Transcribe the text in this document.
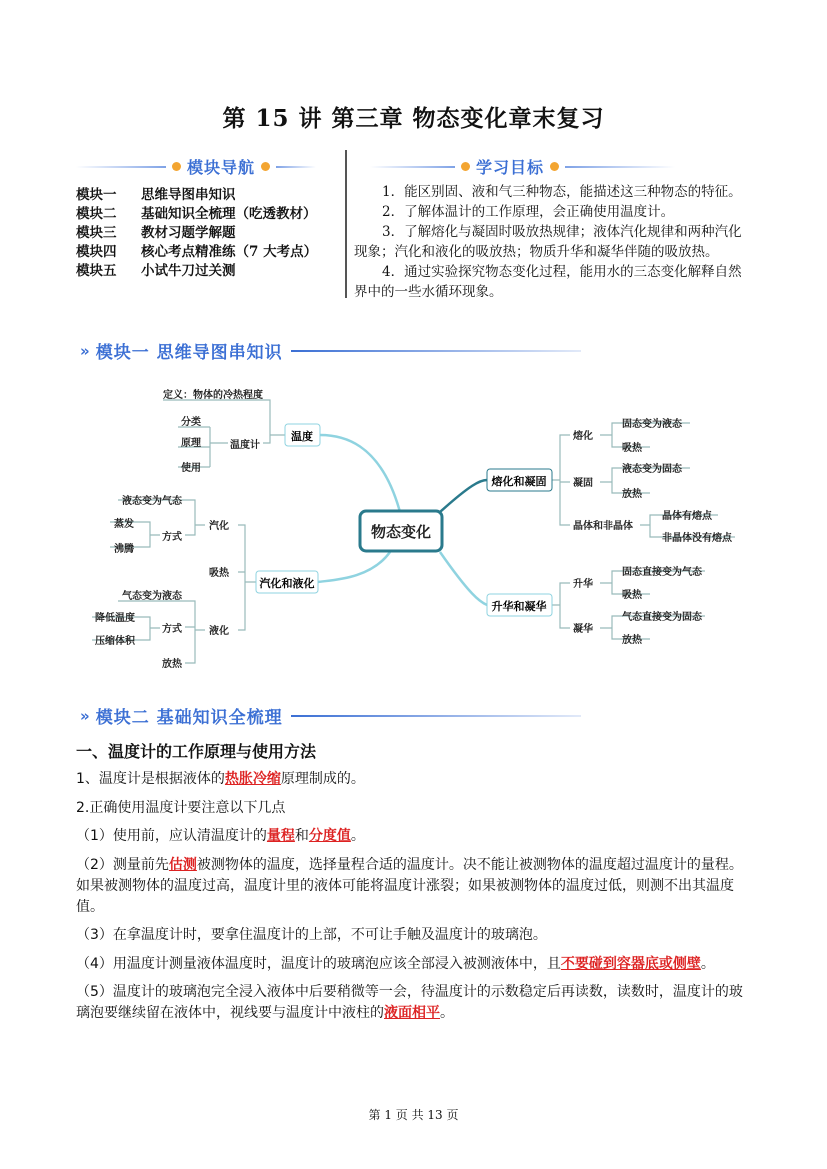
第 15 讲 第三章 物态变化章末复习
模块导航	学习目标
模块一	思维导图串知识
模块二	基础知识全梳理（吃透教材）
模块三	教材习题学解题
模块四	核心考点精准练（7 大考点）
模块五	小试牛刀过关测

1．能区别固、液和气三种物态，能描述这三种物态的特征。

2．了解体温计的工作原理，会正确使用温度计。

3．了解熔化与凝固时吸放热规律；液体汽化规律和两种汽化现象；汽化和液化的吸放热；物质升华和凝华伴随的吸放热。

4．通过实验探究物态变化过程，能用水的三态变化解释自然界中的一些水循环现象。

» 模块一 思维导图串知识
物态变化
温度
汽化和液化
熔化和凝固
升华和凝华
定义：物体的冷热程度
温度计
分类
原理
使用
汽化
液态变为气态
方式
蒸发
沸腾
吸热
液化
气态变为液态
方式
降低温度
压缩体积
放热
熔化
固态变为液态
吸热
凝固
液态变为固态
放热
晶体和非晶体
晶体有熔点
非晶体没有熔点
升华
固态直接变为气态
吸热
凝华
气态直接变为固态
放热
» 模块二 基础知识全梳理
一、温度计的工作原理与使用方法

1、温度计是根据液体的热胀冷缩原理制成的。

2.正确使用温度计要注意以下几点

（1）使用前，应认清温度计的量程和分度值。

（2）测量前先估测被测物体的温度，选择量程合适的温度计。决不能让被测物体的温度超过温度计的量程。如果被测物体的温度过高，温度计里的液体可能将温度计涨裂；如果被测物体的温度过低，则测不出其温度值。

（3）在拿温度计时，要拿住温度计的上部，不可让手触及温度计的玻璃泡。

（4）用温度计测量液体温度时，温度计的玻璃泡应该全部浸入被测液体中，且不要碰到容器底或侧壁。

（5）温度计的玻璃泡完全浸入液体中后要稍微等一会，待温度计的示数稳定后再读数，读数时，温度计的玻璃泡要继续留在液体中，视线要与温度计中液柱的液面相平。

第 1 页 共 13 页
